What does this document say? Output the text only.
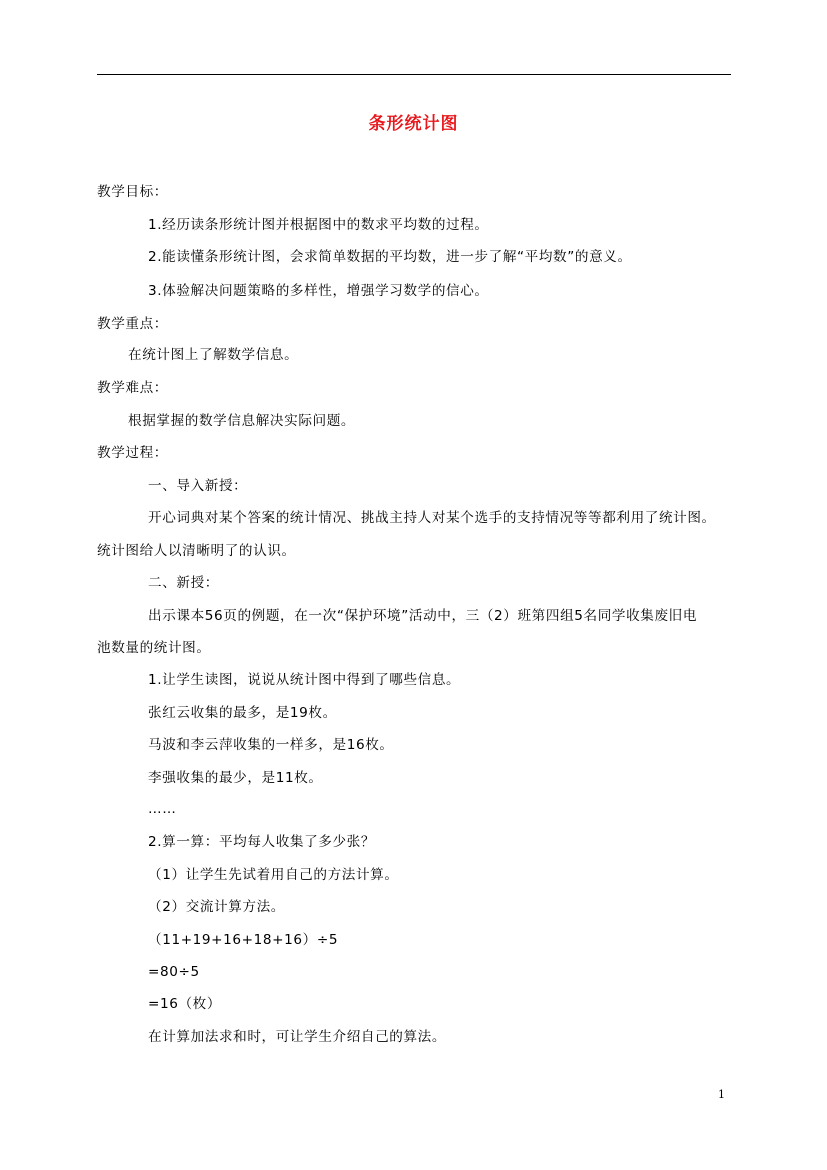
条形统计图
教学目标：
1.经历读条形统计图并根据图中的数求平均数的过程。
2.能读懂条形统计图，会求简单数据的平均数，进一步了解“平均数”的意义。
3.体验解决问题策略的多样性，增强学习数学的信心。
教学重点：
在统计图上了解数学信息。
教学难点：
根据掌握的数学信息解决实际问题。
教学过程：
一、导入新授：
开心词典对某个答案的统计情况、挑战主持人对某个选手的支持情况等等都利用了统计图。
统计图给人以清晰明了的认识。
二、新授：
出示课本56页的例题，在一次“保护环境”活动中，三（2）班第四组5名同学收集废旧电
池数量的统计图。
1.让学生读图，说说从统计图中得到了哪些信息。
张红云收集的最多，是19枚。
马波和李云萍收集的一样多，是16枚。
李强收集的最少，是11枚。
……
2.算一算：平均每人收集了多少张？
（1）让学生先试着用自己的方法计算。
（2）交流计算方法。
（11+19+16+18+16）÷5
=80÷5
=16（枚）
在计算加法求和时，可让学生介绍自己的算法。
1
